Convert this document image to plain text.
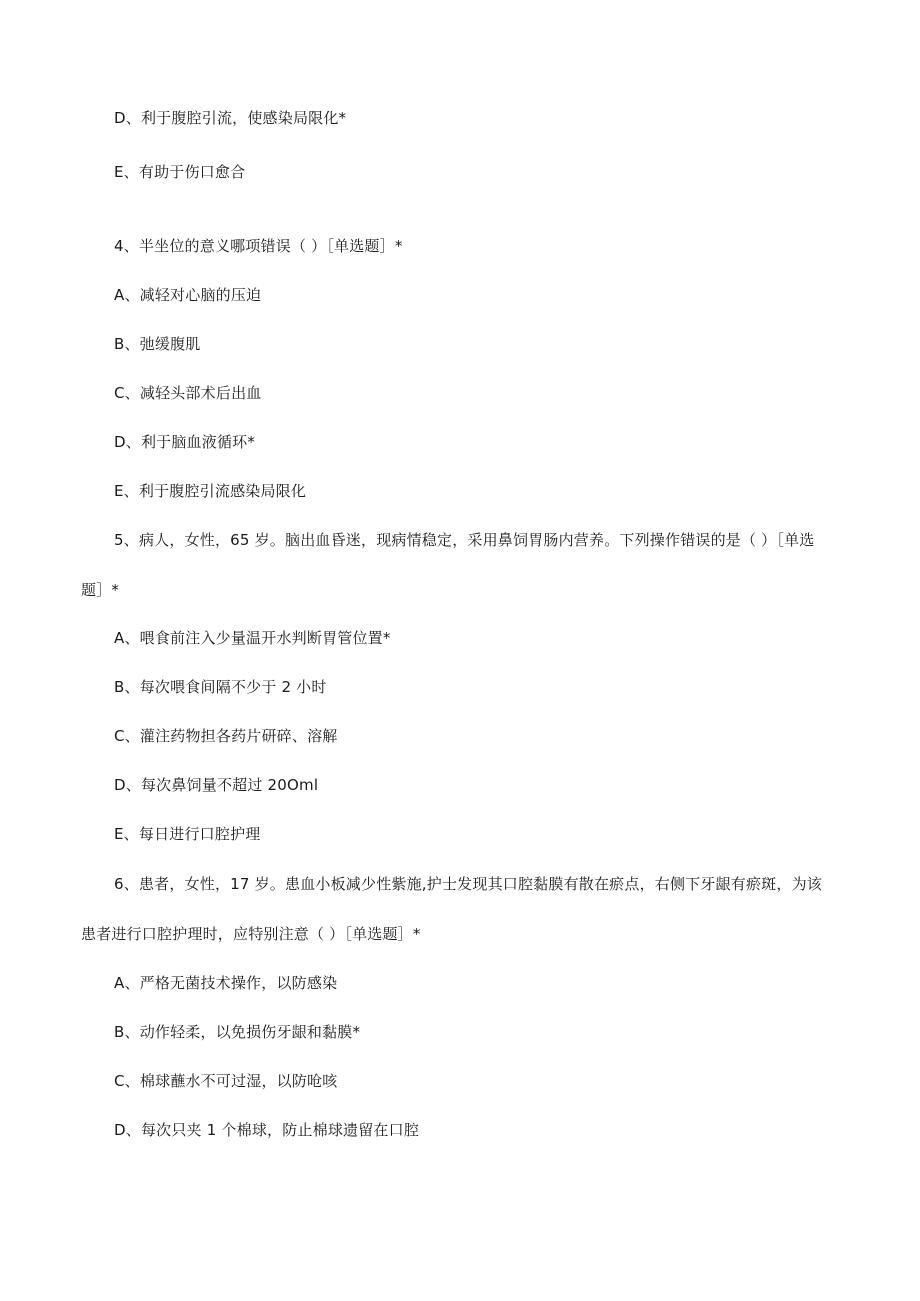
D、利于腹腔引流，使感染局限化*
E、有助于伤口愈合
4、半坐位的意义哪项错误（ ）［单选题］*
A、减轻对心脑的压迫
B、弛缓腹肌
C、减轻头部术后出血
D、利于脑血液循环*
E、利于腹腔引流感染局限化
5、病人，女性，65 岁。脑出血昏迷，现病情稳定，采用鼻饲胃肠内营养。下列操作错误的是（ ）［单选
题］*
A、喂食前注入少量温开水判断胃管位置*
B、每次喂食间隔不少于 2 小时
C、灌注药物担各药片研碎、溶解
D、每次鼻饲量不超过 20Oml
E、每日进行口腔护理
6、患者，女性，17 岁。患血小板减少性紫施,护士发现其口腔黏膜有散在瘀点，右侧下牙龈有瘀斑，为该
患者进行口腔护理时，应特别注意（ ）［单选题］*
A、严格无菌技术操作，以防感染
B、动作轻柔，以免损伤牙龈和黏膜*
C、棉球蘸水不可过湿，以防呛咳
D、每次只夹 1 个棉球，防止棉球遗留在口腔
